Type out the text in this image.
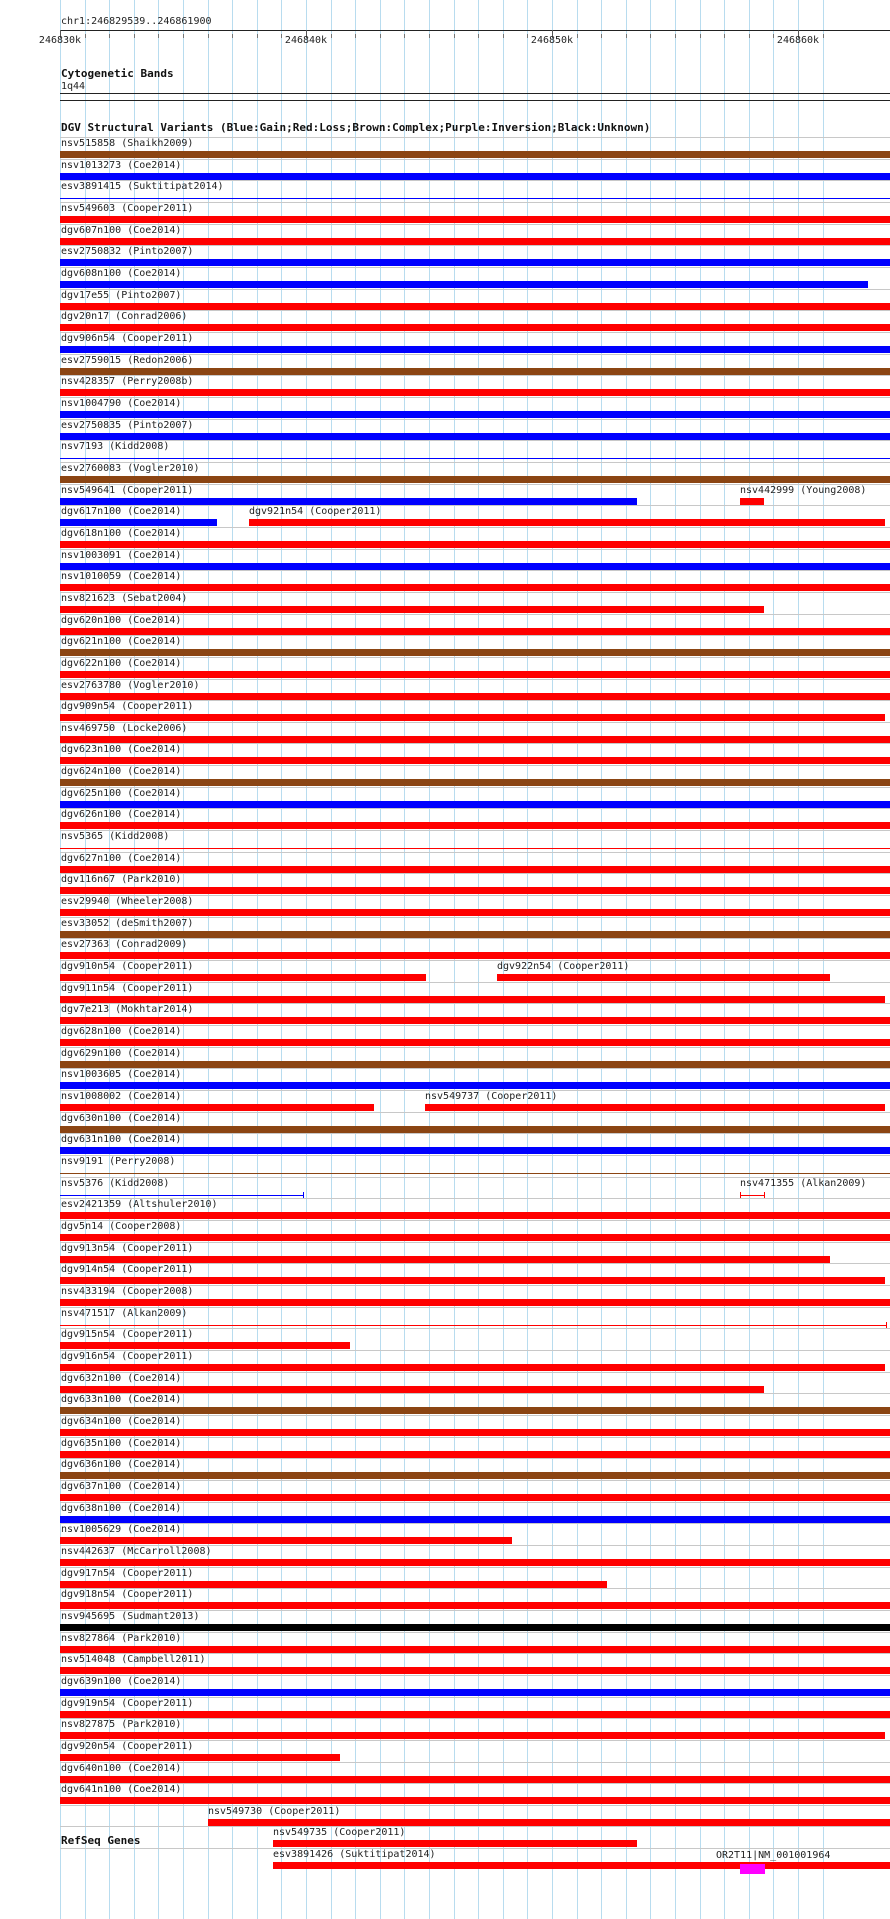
chr1:246829539..246861900
246830k	246840k	246850k	246860k
Cytogenetic Bands
1q44
DGV Structural Variants (Blue:Gain;Red:Loss;Brown:Complex;Purple:Inversion;Black:Unknown)
nsv515858 (Shaikh2009)
nsv1013273 (Coe2014)
esv3891415 (Suktitipat2014)
nsv549603 (Cooper2011)
dgv607n100 (Coe2014)
esv2750832 (Pinto2007)
dgv608n100 (Coe2014)
dgv17e55 (Pinto2007)
dgv20n17 (Conrad2006)
dgv906n54 (Cooper2011)
esv2759015 (Redon2006)
nsv428357 (Perry2008b)
nsv1004790 (Coe2014)
esv2750835 (Pinto2007)
nsv7193 (Kidd2008)
esv2760083 (Vogler2010)
nsv549641 (Cooper2011)	nsv442999 (Young2008)
dgv617n100 (Coe2014)	dgv921n54 (Cooper2011)
dgv618n100 (Coe2014)
nsv1003091 (Coe2014)
nsv1010059 (Coe2014)
nsv821623 (Sebat2004)
dgv620n100 (Coe2014)
dgv621n100 (Coe2014)
dgv622n100 (Coe2014)
esv2763780 (Vogler2010)
dgv909n54 (Cooper2011)
nsv469750 (Locke2006)
dgv623n100 (Coe2014)
dgv624n100 (Coe2014)
dgv625n100 (Coe2014)
dgv626n100 (Coe2014)
nsv5365 (Kidd2008)
dgv627n100 (Coe2014)
dgv116n67 (Park2010)
esv29940 (Wheeler2008)
esv33052 (deSmith2007)
esv27363 (Conrad2009)
dgv910n54 (Cooper2011)	dgv922n54 (Cooper2011)
dgv911n54 (Cooper2011)
dgv7e213 (Mokhtar2014)
dgv628n100 (Coe2014)
dgv629n100 (Coe2014)
nsv1003605 (Coe2014)
nsv1008002 (Coe2014)	nsv549737 (Cooper2011)
dgv630n100 (Coe2014)
dgv631n100 (Coe2014)
nsv9191 (Perry2008)
nsv5376 (Kidd2008)	nsv471355 (Alkan2009)
esv2421359 (Altshuler2010)
dgv5n14 (Cooper2008)
dgv913n54 (Cooper2011)
dgv914n54 (Cooper2011)
nsv433194 (Cooper2008)
nsv471517 (Alkan2009)
dgv915n54 (Cooper2011)
dgv916n54 (Cooper2011)
dgv632n100 (Coe2014)
dgv633n100 (Coe2014)
dgv634n100 (Coe2014)
dgv635n100 (Coe2014)
dgv636n100 (Coe2014)
dgv637n100 (Coe2014)
dgv638n100 (Coe2014)
nsv1005629 (Coe2014)
nsv442637 (McCarroll2008)
dgv917n54 (Cooper2011)
dgv918n54 (Cooper2011)
nsv945695 (Sudmant2013)
nsv827864 (Park2010)
nsv514048 (Campbell2011)
dgv639n100 (Coe2014)
dgv919n54 (Cooper2011)
nsv827875 (Park2010)
dgv920n54 (Cooper2011)
dgv640n100 (Coe2014)
dgv641n100 (Coe2014)
nsv549730 (Cooper2011)
nsv549735 (Cooper2011)
esv3891426 (Suktitipat2014)
RefSeq Genes
OR2T11|NM_001001964
